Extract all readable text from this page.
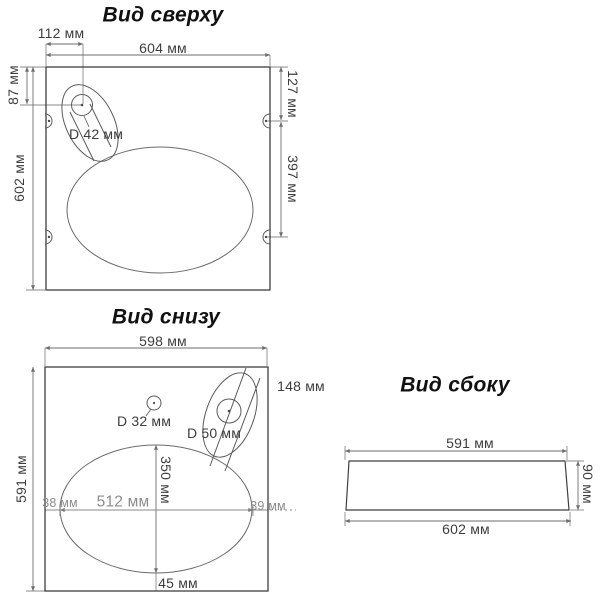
Вид сверху
112 мм
604 мм
87 мм
602 мм
127 мм
397 мм
D 42 мм
Вид снизу
598 мм
591 мм
148 мм
D 32 мм
D 50 мм
350 мм
38 мм 512 мм	39 мм
45 мм
Вид сбоку
591 мм
90 мм
602 мм
